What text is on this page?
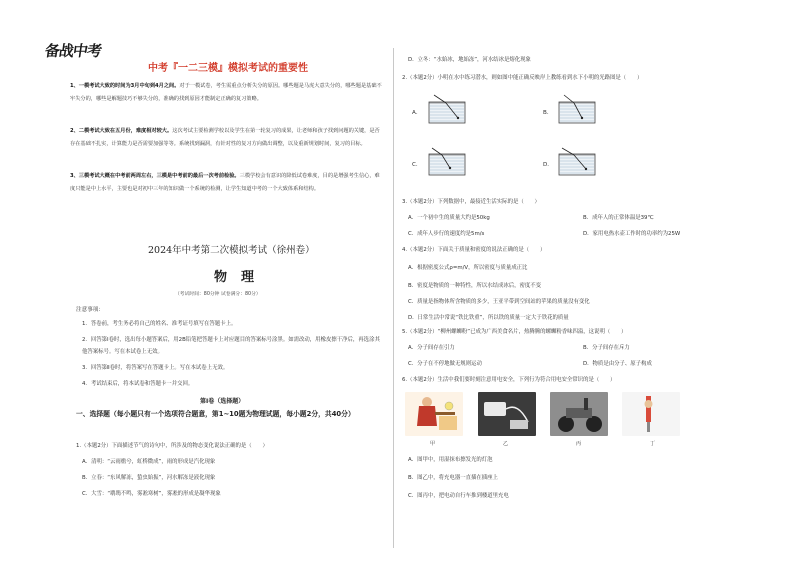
备战中考
中考『一二三模』模拟考试的重要性
1、一模考试大致的时间为3月中旬到4月之间。对于一模试卷，考生需重点分析失分的原因。哪些题是马虎大意失分的，哪些题是基础不牢失分的，哪些是解题技巧不够失分的，准确的找到原因才能制定正确的复习策略。
2、二模考试大致在五月份，难度相对较大。这次考试主要检测学校以及学生在第一轮复习的成果，让老师和孩子找到问题的关键，是否存在基础不扎实，计算能力是否需要加强等等。系统找到漏洞，有针对性的复习方向做出调整，以及重新规划时间，复习的目标。
3、三模考试大概在中考前两周左右，三模是中考前的最后一次考前检验。三模学校会有意识的降低试卷难度，目的是增强考生信心，难度只能是中上水平，主要也是对初中三年的知识做一个系统的检测，让学生知道中考的一个大致体系和结构。
2024年中考第二次模拟考试（徐州卷）
物理
（考试时间：80分钟 试卷满分：80分）
注意事项：
1．答卷前，考生务必将自己的姓名、准考证号填写在答题卡上。
2．回答第Ⅰ卷时，选出每小题答案后，用2B铅笔把答题卡上对应题目的答案标号涂黑。如需改动，用橡皮擦干净后，再选涂其他答案标号。写在本试卷上无效。
3．回答第Ⅱ卷时，将答案写在答题卡上。写在本试卷上无效。
4．考试结束后，将本试卷和答题卡一并交回。
第Ⅰ卷（选择题）
一、选择题（每小题只有一个选项符合题意，第1~10题为物理试题，每小题2分，共40分）
1.（本题2分）下面描述节气的诗句中，所涉及的物态变化说法正确的是（　　）
A．清明：“云雨檐兮，虹桥微成”，雨的形成是汽化现象
B．立春：“东风解冻，蛰虫始振”，河水解冻是液化现象
C．大雪：“鹖鴠不鸣，雾凇寒树”，雾凇的形成是凝华现象
D．立冬：“水始冰，地始冻”，河水结冰是熔化现象
2.（本题2分）小明在水中练习潜水，则如图中能正确反映岸上教练看到水下小明的光路图是（　　）
A．	B．
C．	D．
3.（本题2分）下列数据中，最接近生活实际的是（　　）
A．一个初中生的质量大约是50kg	B．成年人的正常体温是39℃
C．成年人步行的速度约是5m/s	D．家用电热水壶工作时的功率约为25W
4.（本题2分）下面关于质量和密度的说法正确的是（　　）
A．根据密度公式ρ=m/V，所以密度与质量成正比
B．密度是物质的一种特性，所以水结成冰后，密度不变
C．质量是指物体所含物质的多少，王亚平带到空间站的苹果的质量没有变化
D．日常生活中常说“铁比铁重”，所以铁的质量一定大于铁花的质量
5.（本题2分）“柳州螺蛳粉”已成为广西美食名片，热腾腾的螺蛳粉香味四溢，这说明（　　）
A．分子间存在引力	B．分子间存在斥力
C．分子在不停地做无规则运动	D．物质是由分子、原子构成
6.（本题2分）生活中我们要时刻注意用电安全，下列行为符合用电安全常识的是（　　）
甲	乙	丙	丁
A．图甲中，用湿抹布擦发光的灯泡
B．图乙中，将充电器一直插在插座上
C．图丙中，把电动自行车推到楼道里充电
